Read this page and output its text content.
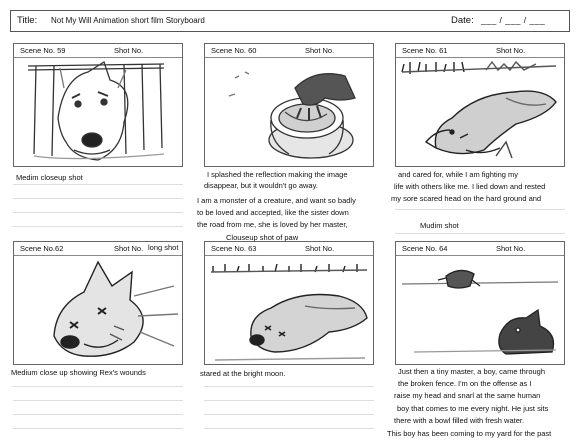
Title: Not My Will Animation short film Storyboard	Date: ___ / ___ / ___
Scene No. 59	Shot No.	Scene No. 60	Shot No.	Scene No. 61	Shot No.
Scene No.62	Shot No. long shot	Scene No. 63	Shot No.	Scene No. 64	Shot No.
Medim closeup shot	I splashed the reflection making the image
disappear, but it wouldn't go away.
I am a monster of a creature, and want so badly
to be loved and accepted, like the sister down
the road from me, she is loved by her master,
Clouseup shot of paw
and cared for, while I am fighting my
life with others like me. I lied down and rested
my sore scared head on the hard ground and
Mudim shot
Medium close up showing Rex's wounds	stared at the bright moon.	Just then a tiny master, a boy, came through
the broken fence. I'm on the offense as I
raise my head and snarl at the same human
boy that comes to me every night. He just sits
there with a bowl filled with fresh water.
This boy has been coming to my yard for the past
